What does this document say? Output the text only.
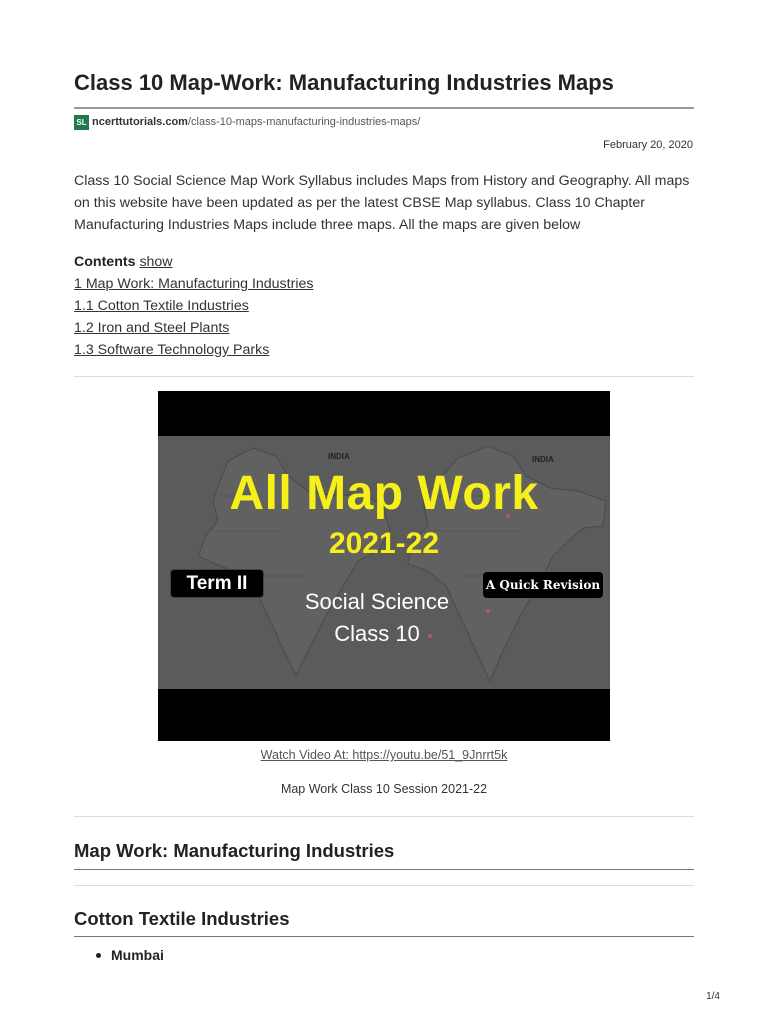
Class 10 Map-Work: Manufacturing Industries Maps
SL ncerttutorials.com/class-10-maps-manufacturing-industries-maps/
February 20, 2020

Class 10 Social Science Map Work Syllabus includes Maps from History and Geography. All maps on this website have been updated as per the latest CBSE Map syllabus. Class 10 Chapter Manufacturing Industries Maps include three maps. All the maps are given below

Contents show
1 Map Work: Manufacturing Industries
1.1 Cotton Textile Industries
1.2 Iron and Steel Plants
1.3 Software Technology Parks
INDIA	INDIA
All Map Work
2021-22
Term II	A Quick Revision
Social Science
Class 10
Watch Video At: https://youtu.be/51_9Jnrrt5k
Map Work Class 10 Session 2021-22
Map Work: Manufacturing Industries
Cotton Textile Industries
Mumbai
1/4
